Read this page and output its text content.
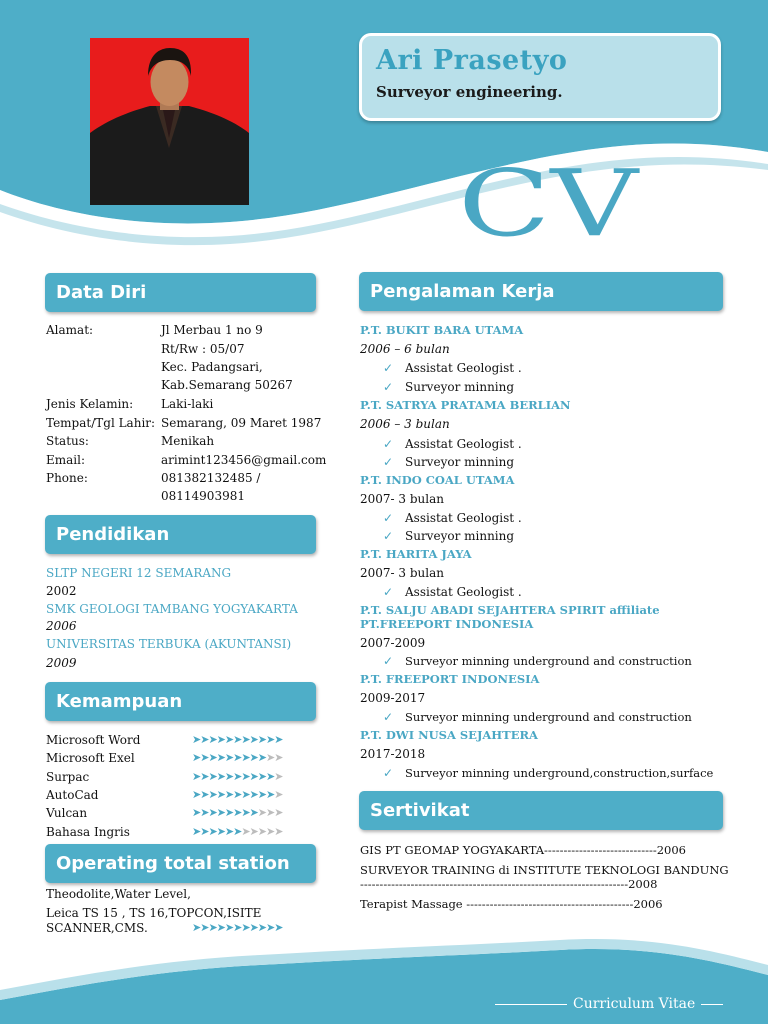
Ari Prasetyo
Surveyor engineering.
CV
Data Diri
Alamat:	Jl Merbau 1 no 9
Rt/Rw : 05/07
Kec. Padangsari,
Kab.Semarang 50267
Jenis Kelamin: Laki-laki
Tempat/Tgl Lahir: Semarang, 09 Maret 1987
Status:	Menikah
Email:	arimint123456@gmail.com
Phone:	081382132485 /
08114903981
Pendidikan
SLTP NEGERI 12 SEMARANG
2002
SMK GEOLOGI TAMBANG YOGYAKARTA
2006
UNIVERSITAS TERBUKA (AKUNTANSI)
2009
Kemampuan
Microsoft Word	➤➤➤➤➤➤➤➤➤➤➤
Microsoft Exel	➤➤➤➤➤➤➤➤➤➤➤
Surpac	➤➤➤➤➤➤➤➤➤➤➤
AutoCad	➤➤➤➤➤➤➤➤➤➤➤
Vulcan	➤➤➤➤➤➤➤➤➤➤➤
Bahasa Ingris	➤➤➤➤➤➤➤➤➤➤➤
Operating total station
Theodolite,Water Level,
Leica TS 15 , TS 16,TOPCON,ISITE
SCANNER,CMS.	➤➤➤➤➤➤➤➤➤➤➤
Pengalaman Kerja
P.T. BUKIT BARA UTAMA
2006 – 6 bulan
✓ Assistat Geologist .
✓ Surveyor minning
P.T. SATRYA PRATAMA BERLIAN
2006 – 3 bulan
✓ Assistat Geologist .
✓ Surveyor minning
P.T. INDO COAL UTAMA
2007- 3 bulan
✓ Assistat Geologist .
✓ Surveyor minning
P.T. HARITA JAYA
2007- 3 bulan
✓ Assistat Geologist .
P.T. SALJU ABADI SEJAHTERA SPIRIT affiliate
PT.FREEPORT INDONESIA
2007-2009
✓ Surveyor minning underground and construction
P.T. FREEPORT INDONESIA
2009-2017
✓ Surveyor minning underground and construction
P.T. DWI NUSA SEJAHTERA
2017-2018
✓ Surveyor minning underground,construction,surface
Sertivikat
GIS PT GEOMAP YOGYAKARTA-----------------------------2006
SURVEYOR TRAINING di INSTITUTE TEKNOLOGI BANDUNG
---------------------------------------------------------------------2008
Terapist Massage -------------------------------------------2006
Curriculum Vitae
